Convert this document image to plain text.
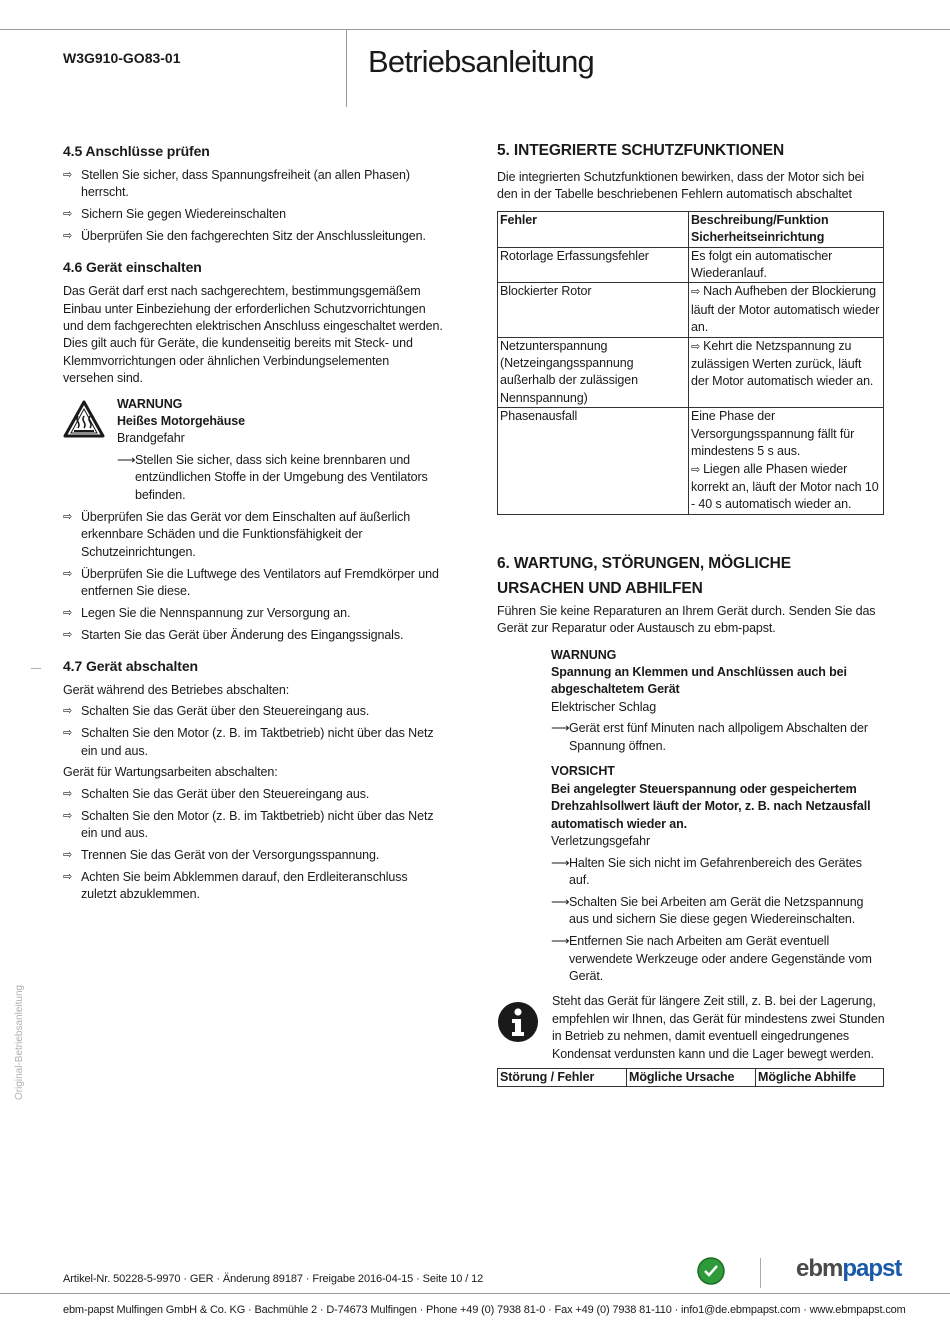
W3G910-GO83-01	Betriebsanleitung
4.5 Anschlüsse prüfen
⇨ Stellen Sie sicher, dass Spannungsfreiheit (an allen Phasen) herrscht.
⇨ Sichern Sie gegen Wiedereinschalten
⇨ Überprüfen Sie den fachgerechten Sitz der Anschlussleitungen.
4.6 Gerät einschalten

Das Gerät darf erst nach sachgerechtem, bestimmungsgemäßem Einbau unter Einbeziehung der erforderlichen Schutzvorrichtungen und dem fachgerechten elektrischen Anschluss eingeschaltet werden. Dies gilt auch für Geräte, die kundenseitig bereits mit Steck- und Klemmvorrichtungen oder ähnlichen Verbindungselementen versehen sind.

WARNUNG
Heißes Motorgehäuse
Brandgefahr
⟶ Stellen Sie sicher, dass sich keine brennbaren und entzündlichen Stoffe in der Umgebung des Ventilators befinden.
⇨ Überprüfen Sie das Gerät vor dem Einschalten auf äußerlich erkennbare Schäden und die Funktionsfähigkeit der Schutzeinrichtungen.
⇨ Überprüfen Sie die Luftwege des Ventilators auf Fremdkörper und entfernen Sie diese.
⇨ Legen Sie die Nennspannung zur Versorgung an.
⇨ Starten Sie das Gerät über Änderung des Eingangssignals.
4.7 Gerät abschalten

Gerät während des Betriebes abschalten:

⇨ Schalten Sie das Gerät über den Steuereingang aus.
⇨ Schalten Sie den Motor (z. B. im Taktbetrieb) nicht über das Netz ein und aus.

Gerät für Wartungsarbeiten abschalten:

⇨ Schalten Sie das Gerät über den Steuereingang aus.
⇨ Schalten Sie den Motor (z. B. im Taktbetrieb) nicht über das Netz ein und aus.
⇨ Trennen Sie das Gerät von der Versorgungsspannung.
⇨ Achten Sie beim Abklemmen darauf, den Erdleiteranschluss zuletzt abzuklemmen.
5. INTEGRIERTE SCHUTZFUNKTIONEN

Die integrierten Schutzfunktionen bewirken, dass der Motor sich bei den in der Tabelle beschriebenen Fehlern automatisch abschaltet

Fehler	Beschreibung/Funktion Sicherheitseinrichtung
Rotorlage Erfassungsfehler	Es folgt ein automatischer Wiederanlauf.
Blockierter Rotor	⇨ Nach Aufheben der Blockierung läuft der Motor automatisch wieder an.
Netzunterspannung (Netzeingangsspannung außerhalb der zulässigen Nennspannung)	⇨ Kehrt die Netzspannung zu zulässigen Werten zurück, läuft der Motor automatisch wieder an.
Phasenausfall	Eine Phase der Versorgungsspannung fällt für mindestens 5 s aus.
⇨ Liegen alle Phasen wieder korrekt an, läuft der Motor nach 10 - 40 s automatisch wieder an.
6. WARTUNG, STÖRUNGEN, MÖGLICHE
URSACHEN UND ABHILFEN

Führen Sie keine Reparaturen an Ihrem Gerät durch. Senden Sie das Gerät zur Reparatur oder Austausch zu ebm-papst.

WARNUNG
Spannung an Klemmen und Anschlüssen auch bei abgeschaltetem Gerät
Elektrischer Schlag
⟶ Gerät erst fünf Minuten nach allpoligem Abschalten der Spannung öffnen.
VORSICHT
Bei angelegter Steuerspannung oder gespeichertem Drehzahlsollwert läuft der Motor, z. B. nach Netzausfall automatisch wieder an.
Verletzungsgefahr
⟶ Halten Sie sich nicht im Gefahrenbereich des Gerätes auf.
⟶ Schalten Sie bei Arbeiten am Gerät die Netzspannung aus und sichern Sie diese gegen Wiedereinschalten.
⟶ Entfernen Sie nach Arbeiten am Gerät eventuell verwendete Werkzeuge oder andere Gegenstände vom Gerät.

Steht das Gerät für längere Zeit still, z. B. bei der Lagerung, empfehlen wir Ihnen, das Gerät für mindestens zwei Stunden in Betrieb zu nehmen, damit eventuell eingedrungenes Kondensat verdunsten kann und die Lager bewegt werden.

Störung / Fehler	Mögliche Ursache	Mögliche Abhilfe
—
Original-Betriebsanleitung
Artikel-Nr. 50228-5-9970 · GER · Änderung 89187 · Freigabe 2016-04-15 · Seite 10 / 12	ebmpapst
ebm-papst Mulfingen GmbH & Co. KG · Bachmühle 2 · D-74673 Mulfingen · Phone +49 (0) 7938 81-0 · Fax +49 (0) 7938 81-110 · info1@de.ebmpapst.com · www.ebmpapst.com
